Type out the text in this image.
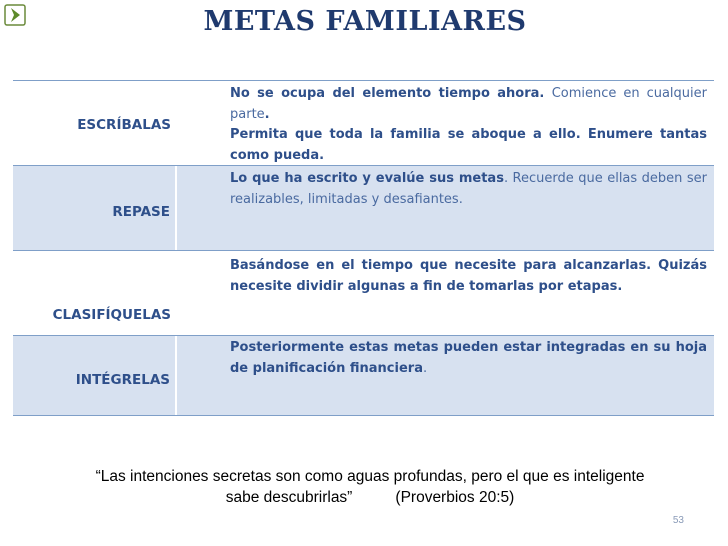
METAS FAMILIARES
ESCRÍBALAS
No se ocupa del elemento tiempo ahora. Comience en cualquier parte.
Permita que toda la familia se aboque a ello. Enumere tantas como pueda.
REPASE
Lo que ha escrito y evalúe sus metas. Recuerde que ellas deben ser realizables, limitadas y desafiantes.
CLASIFÍQUELAS
Basándose en el tiempo que necesite para alcanzarlas. Quizás necesite dividir algunas a fin de tomarlas por etapas.
INTÉGRELAS
Posteriormente estas metas pueden estar integradas en su hoja de planificación financiera.
“Las intenciones secretas son como aguas profundas, pero el que es inteligente
sabe descubrirlas”          (Proverbios 20:5)
53
